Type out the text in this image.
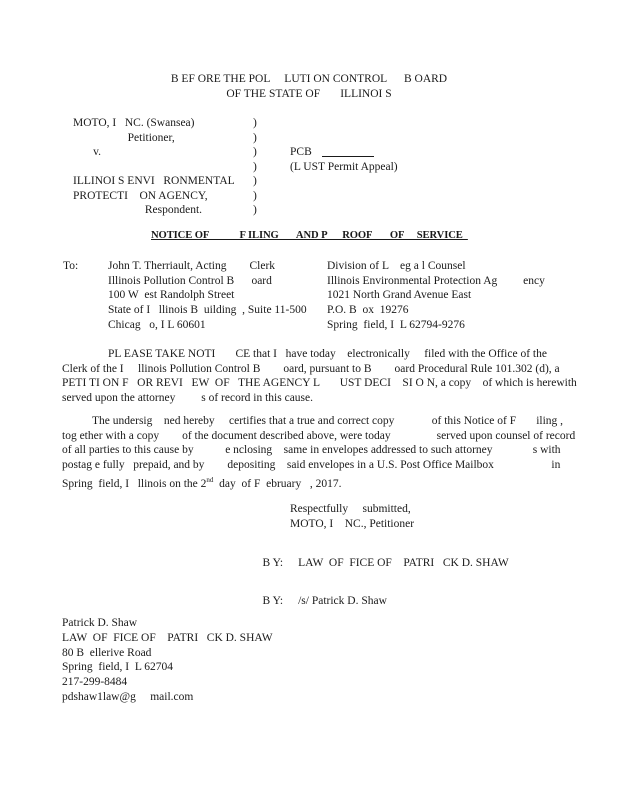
B EF ORE THE POL     LUTI ON CONTROL      B OARD
OF THE STATE OF       ILLINOI S
MOTO, I   NC. (Swansea)	)
Petitioner,	)
v.	)	PCB
)	(L UST Permit Appeal)
ILLINOI S ENVI   RONMENTAL	)
PROTECTI    ON AGENCY,	)
Respondent.	)
NOTICE OF            F ILING       AND P      ROOF       OF     SERVICE
To:	John T. Therriault, Acting        Clerk
Illinois Pollution Control B      oard
100 W  est Randolph Street
State of I   llinois B  uilding  , Suite 11-500
Chicag   o, I L 60601
Division of L    eg a l Counsel
Illinois Environmental Protection Ag         ency
1021 North Grand Avenue East
P.O. B  ox  19276
Spring  field, I  L 62794-9276
PL EASE TAKE NOTI       CE that I   have today    electronically     filed with the Office of the
Clerk of the I     llinois Pollution Control B        oard, pursuant to B        oard Procedural Rule 101.302 (d), a
PETI TI ON F   OR REVI   EW  OF   THE AGENCY L       UST DECI    SI O N, a copy    of which is herewith
served upon the attorney         s of record in this cause.
The undersig    ned hereby     certifies that a true and correct copy             of this Notice of F       iling ,
tog ether with a copy        of the document described above, were today                served upon counsel of record
of all parties to this cause by           e nclosing    same in envelopes addressed to such attorney              s with
postag e fully   prepaid, and by        depositing    said envelopes in a U.S. Post Office Mailbox                    in
Spring  field, I   llinois on the 2nd  day  of F  ebruary   , 2017.
Respectfully     submitted,
MOTO, I    NC., Petitioner

B Y: LAW  OF  FICE OF    PATRI   CK D. SHAW

B Y: /s/ Patrick D. Shaw

Patrick D. Shaw
LAW  OF  FICE OF    PATRI   CK D. SHAW
80 B  ellerive Road
Spring  field, I  L 62704
217-299-8484
pdshaw1law@g     mail.com
